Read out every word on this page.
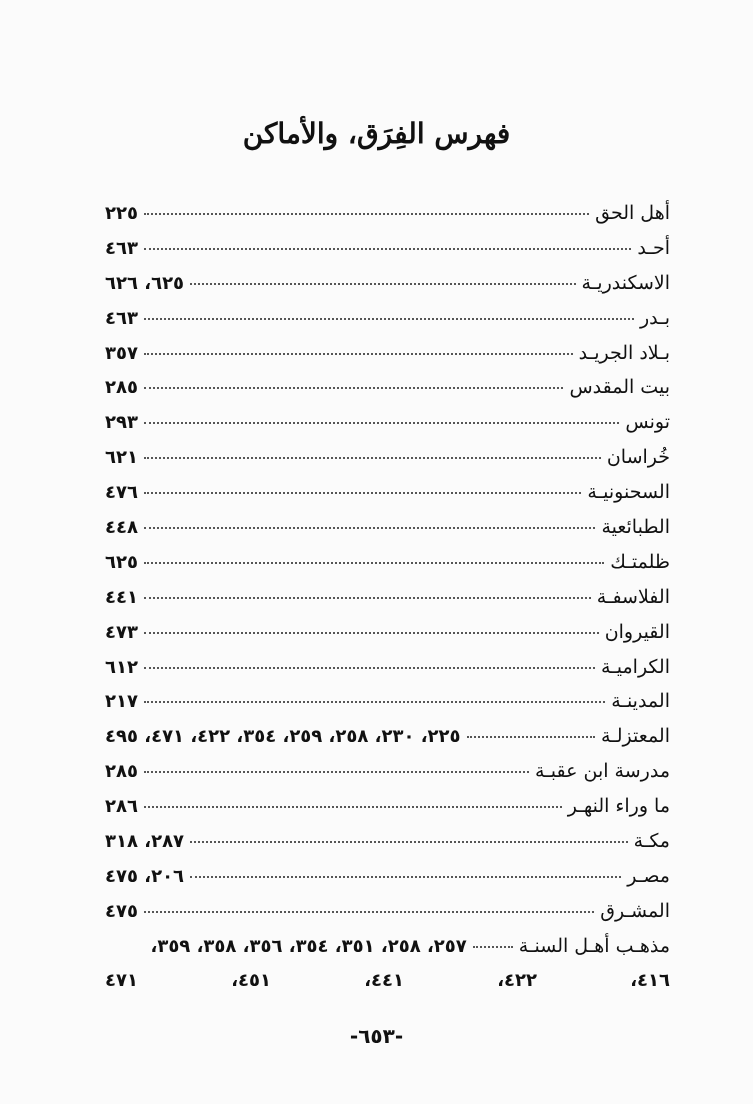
فهرس الفِرَق، والأماكن
أهل الحق
٢٢٥
أحـد
٤٦٣
الاسكندريـة
٦٢٥، ٦٢٦
بـدر
٤٦٣
بـلاد الجريـد
٣٥٧
بيت المقدس
٢٨٥
تونس
٢٩٣
خُراسان
٦٢١
السحنونيـة
٤٧٦
الطبائعية
٤٤٨
ظلمتـك
٦٢٥
الفلاسفـة
٤٤١
القيروان
٤٧٣
الكراميـة
٦١٢
المدينـة
٢١٧
المعتزلـة
٢٢٥، ٢٣٠، ٢٥٨، ٢٥٩، ٣٥٤، ٤٢٢، ٤٧١، ٤٩٥
مدرسة ابن عقبـة
٢٨٥
ما وراء النهـر
٢٨٦
مكـة
٢٨٧، ٣١٨
مصـر
٢٠٦، ٤٧٥
المشـرق
٤٧٥
مذهـب أهـل السنـة
٢٥٧، ٢٥٨، ٣٥١، ٣٥٤، ٣٥٦، ٣٥٨، ٣٥٩،
٤١٦،
٤٢٢،
٤٤١،
٤٥١،
٤٧١
-٦٥٣-
